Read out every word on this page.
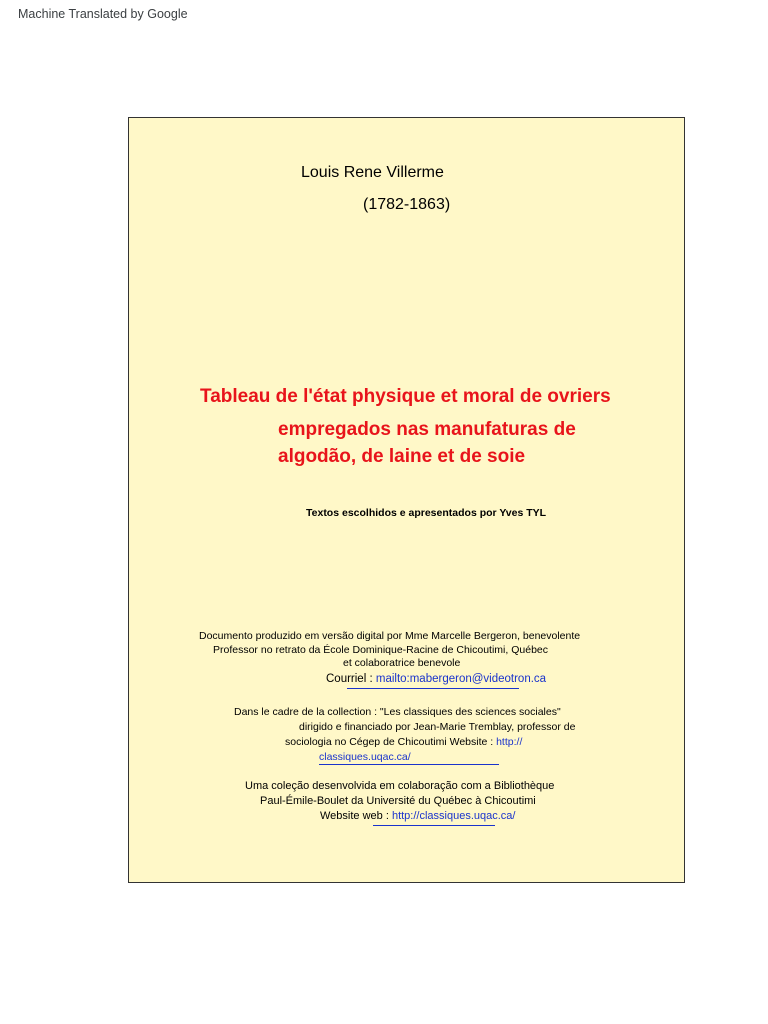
Machine Translated by Google
Louis Rene Villerme
(1782-1863)
Tableau de l'état physique et moral de ovriers
empregados nas manufaturas de
algodão, de laine et de soie
Textos escolhidos e apresentados por Yves TYL
Documento produzido em versão digital por Mme Marcelle Bergeron, benevolente
Professor no retrato da École Dominique-Racine de Chicoutimi, Québec
et colaboratrice benevole
Courriel : mailto:mabergeron@videotron.ca
Dans le cadre de la collection : "Les classiques des sciences sociales"
dirigido e financiado por Jean-Marie Tremblay, professor de
sociologia no Cégep de Chicoutimi Website : http://
classiques.uqac.ca/
Uma coleção desenvolvida em colaboração com a Bibliothèque
Paul-Émile-Boulet da Université du Québec à Chicoutimi
Website web : http://classiques.uqac.ca/
